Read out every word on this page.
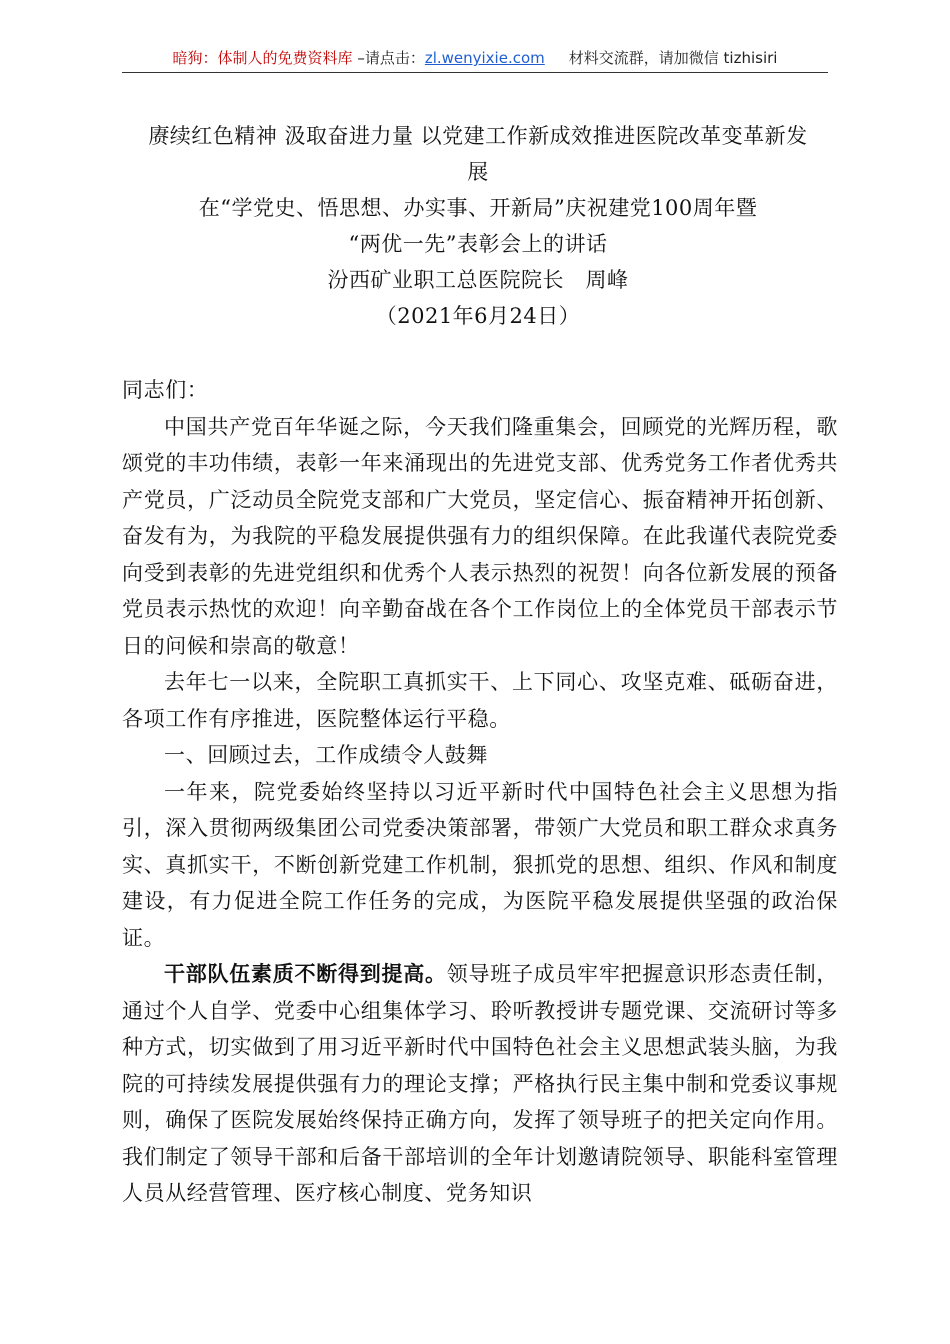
暗狗：体制人的免费资料库 –请点击：zl.wenyixie.com 材料交流群，请加微信 tizhisiri
赓续红色精神 汲取奋进力量 以党建工作新成效推进医院改革变革新发
展
在“学党史、悟思想、办实事、开新局”庆祝建党100周年暨
“两优一先”表彰会上的讲话
汾西矿业职工总医院院长　周峰
（2021年6月24日）

同志们：

中国共产党百年华诞之际，今天我们隆重集会，回顾党的光辉历程，歌颂党的丰功伟绩，表彰一年来涌现出的先进党支部、优秀党务工作者优秀共产党员，广泛动员全院党支部和广大党员，坚定信心、振奋精神开拓创新、奋发有为，为我院的平稳发展提供强有力的组织保障。在此我谨代表院党委向受到表彰的先进党组织和优秀个人表示热烈的祝贺！向各位新发展的预备党员表示热忱的欢迎！向辛勤奋战在各个工作岗位上的全体党员干部表示节日的问候和崇高的敬意！

去年七一以来，全院职工真抓实干、上下同心、攻坚克难、砥砺奋进，各项工作有序推进，医院整体运行平稳。

一、回顾过去，工作成绩令人鼓舞

一年来，院党委始终坚持以习近平新时代中国特色社会主义思想为指引，深入贯彻两级集团公司党委决策部署，带领广大党员和职工群众求真务实、真抓实干，不断创新党建工作机制，狠抓党的思想、组织、作风和制度建设，有力促进全院工作任务的完成，为医院平稳发展提供坚强的政治保证。

干部队伍素质不断得到提高。领导班子成员牢牢把握意识形态责任制，通过个人自学、党委中心组集体学习、聆听教授讲专题党课、交流研讨等多种方式，切实做到了用习近平新时代中国特色社会主义思想武装头脑，为我院的可持续发展提供强有力的理论支撑；严格执行民主集中制和党委议事规则，确保了医院发展始终保持正确方向，发挥了领导班子的把关定向作用。我们制定了领导干部和后备干部培训的全年计划邀请院领导、职能科室管理人员从经营管理、医疗核心制度、党务知识
